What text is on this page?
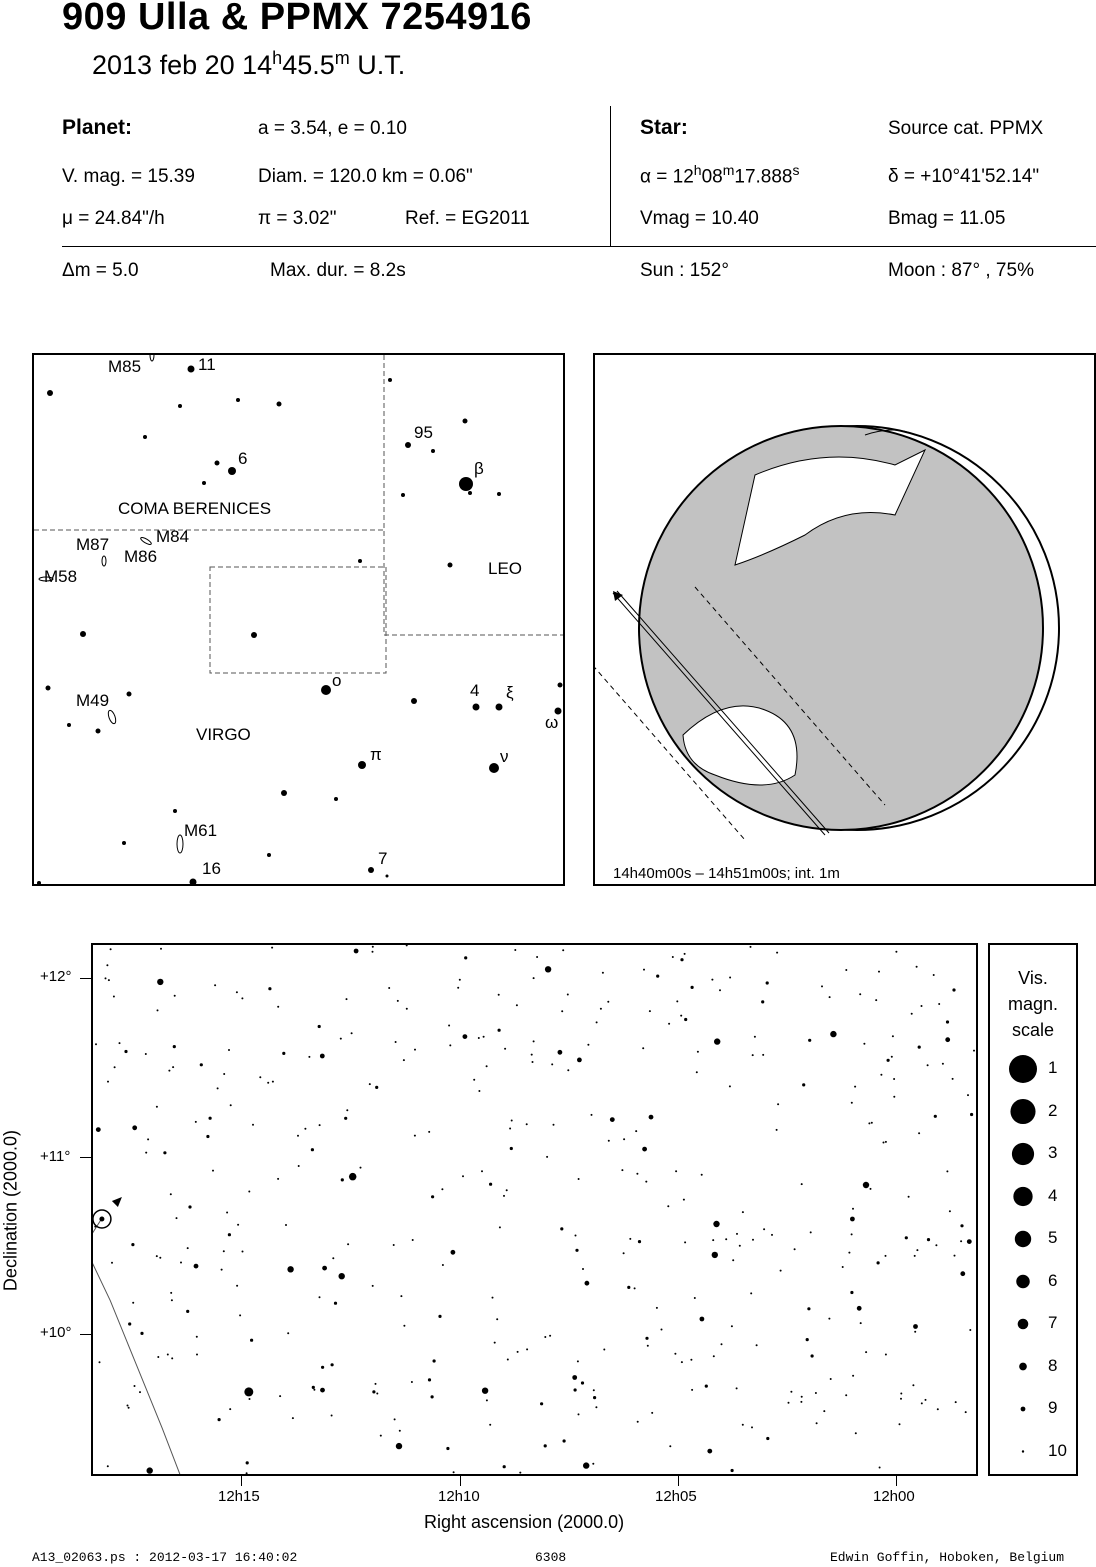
909 Ulla & PPMX 7254916
2013 feb 20 14$^h$45.5$^m$ U.T.
Planet:	a = 3.54, e = 0.10	Star:	Source cat. PPMX
V. mag. = 15.39	Diam. = 120.0 km = 0.06"	$\alpha = 12^h08^m17.888^s$	δ = +10°41'52.14"
μ = 24.84"/h	π = 3.02"	Ref. = EG2011	Vmag = 10.40	Bmag = 11.05
Δm = 5.0	Max. dur. = 8.2s	Sun : 152°	Moon : 87° , 75%
M85	11
6
95
β
COMA BERENICES
M87	M84
M86
M58	LEO
o
4 ξ
ω
M49
VIRGO
π	ν
M61
16
7
14h40m00s – 14h51m00s; int. 1m
+12°
+11°
+10°
12h15	12h10	12h05	12h00
Right ascension (2000.0)
Declination (2000.0)
Vis.
magn.
scale
1
2
3
4
5
6
7
8
9
10
A13_02063.ps : 2012-03-17 16:40:02	6308	Edwin Goffin, Hoboken, Belgium
